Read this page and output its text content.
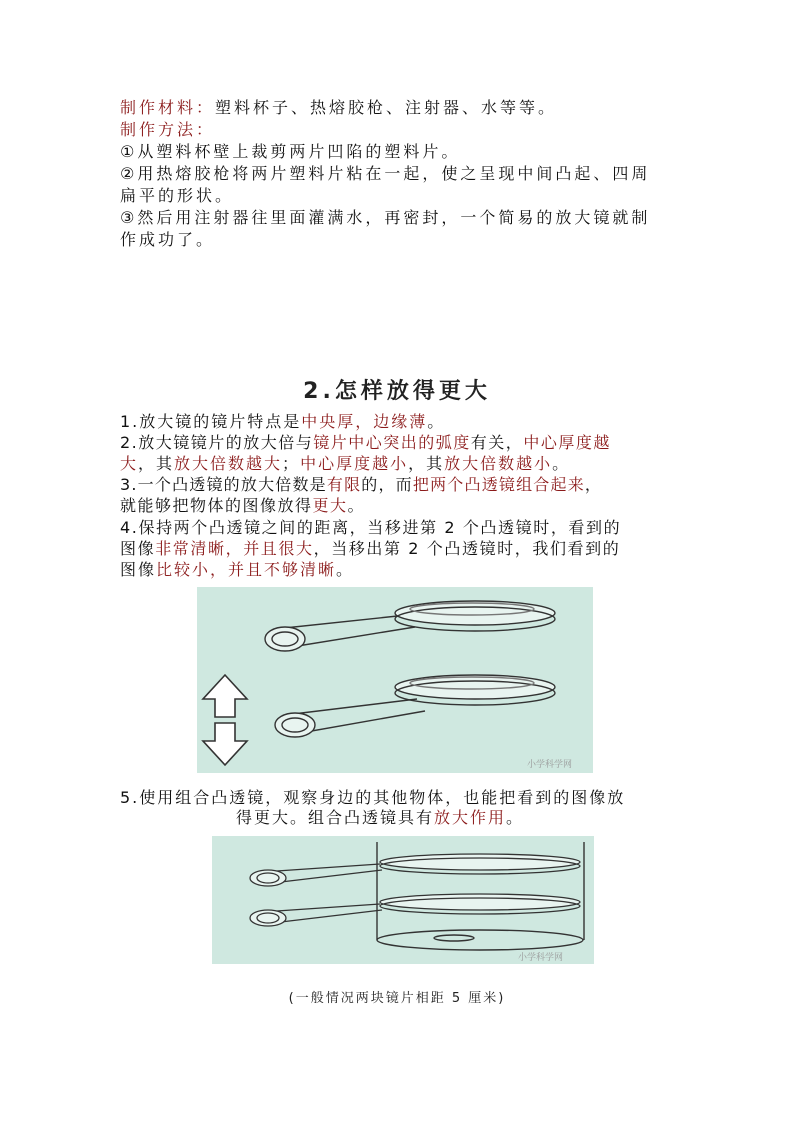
制作材料：塑料杯子、热熔胶枪、注射器、水等等。
制作方法：
①从塑料杯壁上裁剪两片凹陷的塑料片。
②用热熔胶枪将两片塑料片粘在一起，使之呈现中间凸起、四周
扁平的形状。
③然后用注射器往里面灌满水，再密封，一个简易的放大镜就制
作成功了。
2.怎样放得更大
1.放大镜的镜片特点是中央厚，边缘薄。
2.放大镜镜片的放大倍与镜片中心突出的弧度有关，中心厚度越
大，其放大倍数越大；中心厚度越小，其放大倍数越小。
3.一个凸透镜的放大倍数是有限的，而把两个凸透镜组合起来，
就能够把物体的图像放得更大。
4.保持两个凸透镜之间的距离，当移进第 2 个凸透镜时，看到的
图像非常清晰，并且很大，当移出第 2 个凸透镜时，我们看到的
图像比较小，并且不够清晰。
小学科学网
5.使用组合凸透镜，观察身边的其他物体，也能把看到的图像放
得更大。组合凸透镜具有放大作用。
小学科学网
(一般情况两块镜片相距 5 厘米)
